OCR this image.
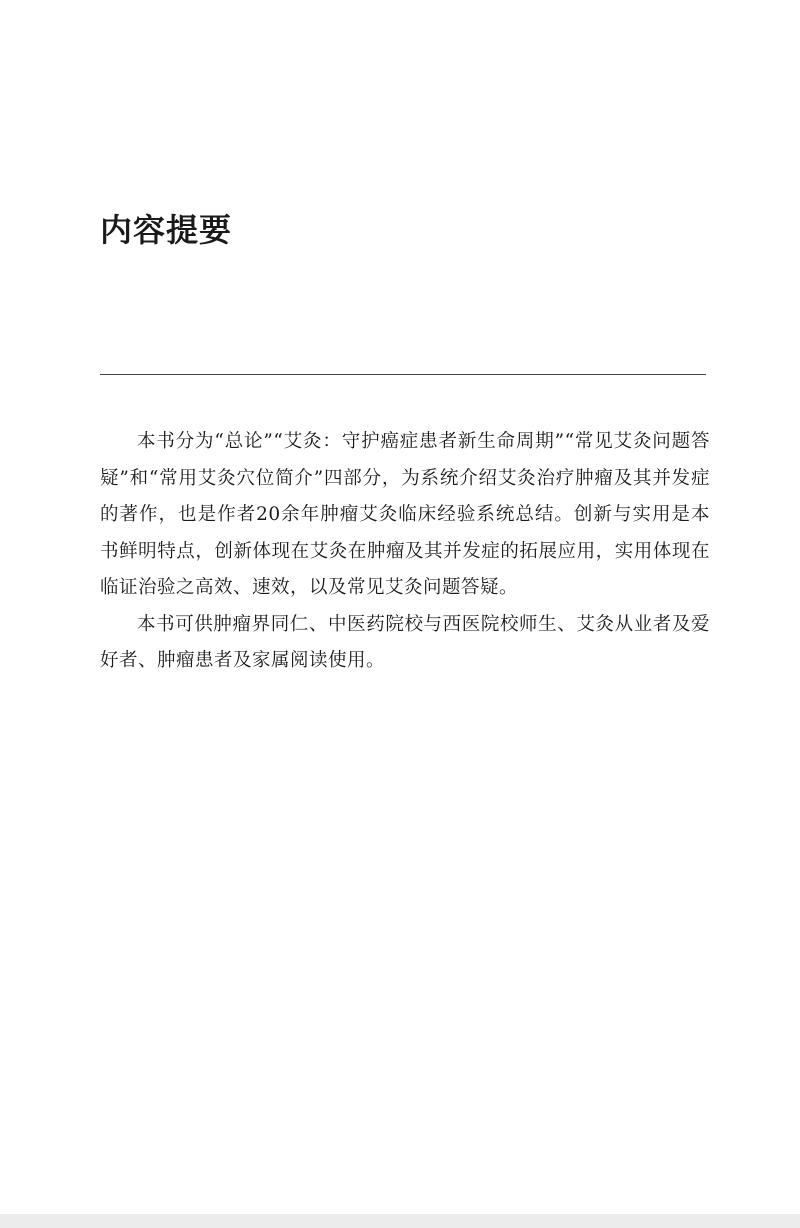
内容提要

本书分为“总论”“艾灸：守护癌症患者新生命周期”“常见艾灸问题答疑”和“常用艾灸穴位简介”四部分，为系统介绍艾灸治疗肿瘤及其并发症的著作，也是作者20余年肿瘤艾灸临床经验系统总结。创新与实用是本书鲜明特点，创新体现在艾灸在肿瘤及其并发症的拓展应用，实用体现在临证治验之高效、速效，以及常见艾灸问题答疑。

本书可供肿瘤界同仁、中医药院校与西医院校师生、艾灸从业者及爱好者、肿瘤患者及家属阅读使用。
